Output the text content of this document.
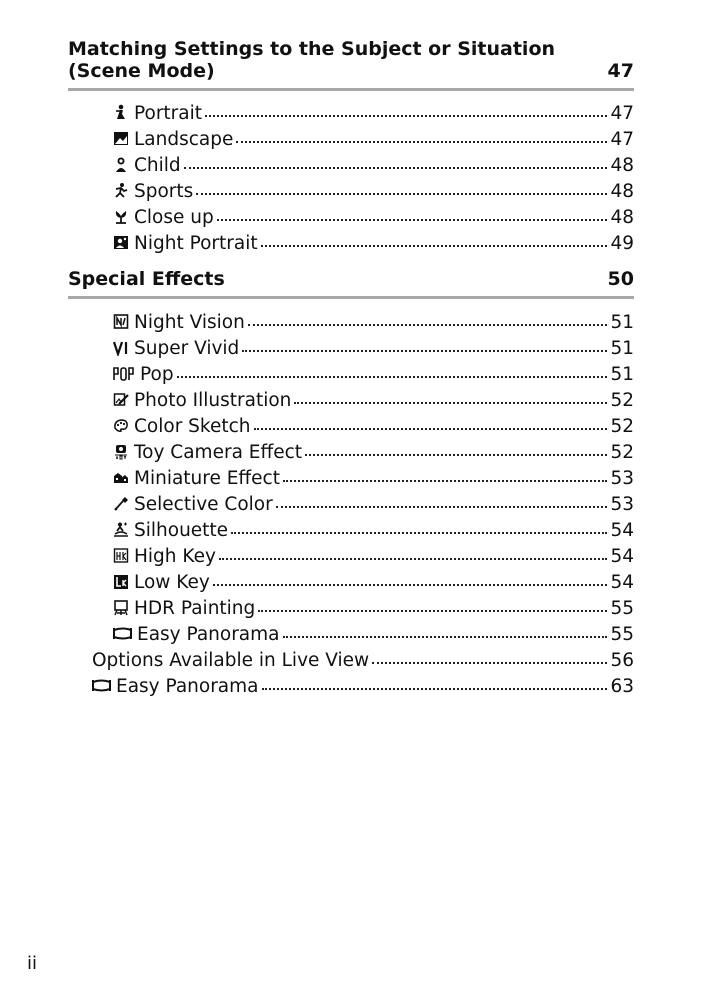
Matching Settings to the Subject or Situation
(Scene Mode)	47
Portrait	47
Landscape	47
Child	48
Sports	48
Close up	48
Night Portrait	49
Special Effects	50
Night Vision	51
Super Vivid	51
Pop	51
Photo Illustration	52
Color Sketch	52
Toy Camera Effect	52
Miniature Effect	53
Selective Color	53
Silhouette	54
High Key	54
Low Key	54
HDR Painting	55
Easy Panorama	55
Options Available in Live View	56
Easy Panorama	63
ii
